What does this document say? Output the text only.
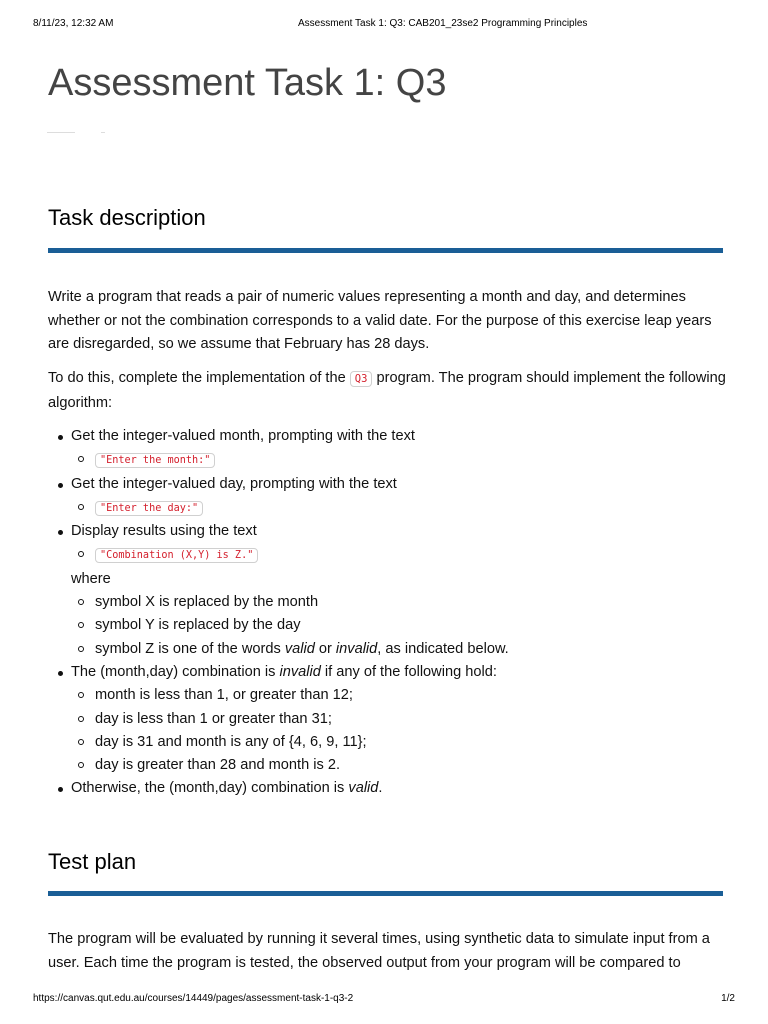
8/11/23, 12:32 AM	Assessment Task 1: Q3: CAB201_23se2 Programming Principles
Assessment Task 1: Q3
Task description

Write a program that reads a pair of numeric values representing a month and day, and determines whether or not the combination corresponds to a valid date. For the purpose of this exercise leap years are disregarded, so we assume that February has 28 days.

To do this, complete the implementation of the Q3 program. The program should implement the following algorithm:

Get the integer-valued month, prompting with the text
"Enter the month:"
Get the integer-valued day, prompting with the text
"Enter the day:"
Display results using the text
"Combination (X,Y) is Z."
where
symbol X is replaced by the month
symbol Y is replaced by the day
symbol Z is one of the words valid or invalid, as indicated below.
The (month,day) combination is invalid if any of the following hold:
month is less than 1, or greater than 12;
day is less than 1 or greater than 31;
day is 31 and month is any of {4, 6, 9, 11};
day is greater than 28 and month is 2.
Otherwise, the (month,day) combination is valid.
Test plan

The program will be evaluated by running it several times, using synthetic data to simulate input from a user. Each time the program is tested, the observed output from your program will be compared to

https://canvas.qut.edu.au/courses/14449/pages/assessment-task-1-q3-2	1/2
